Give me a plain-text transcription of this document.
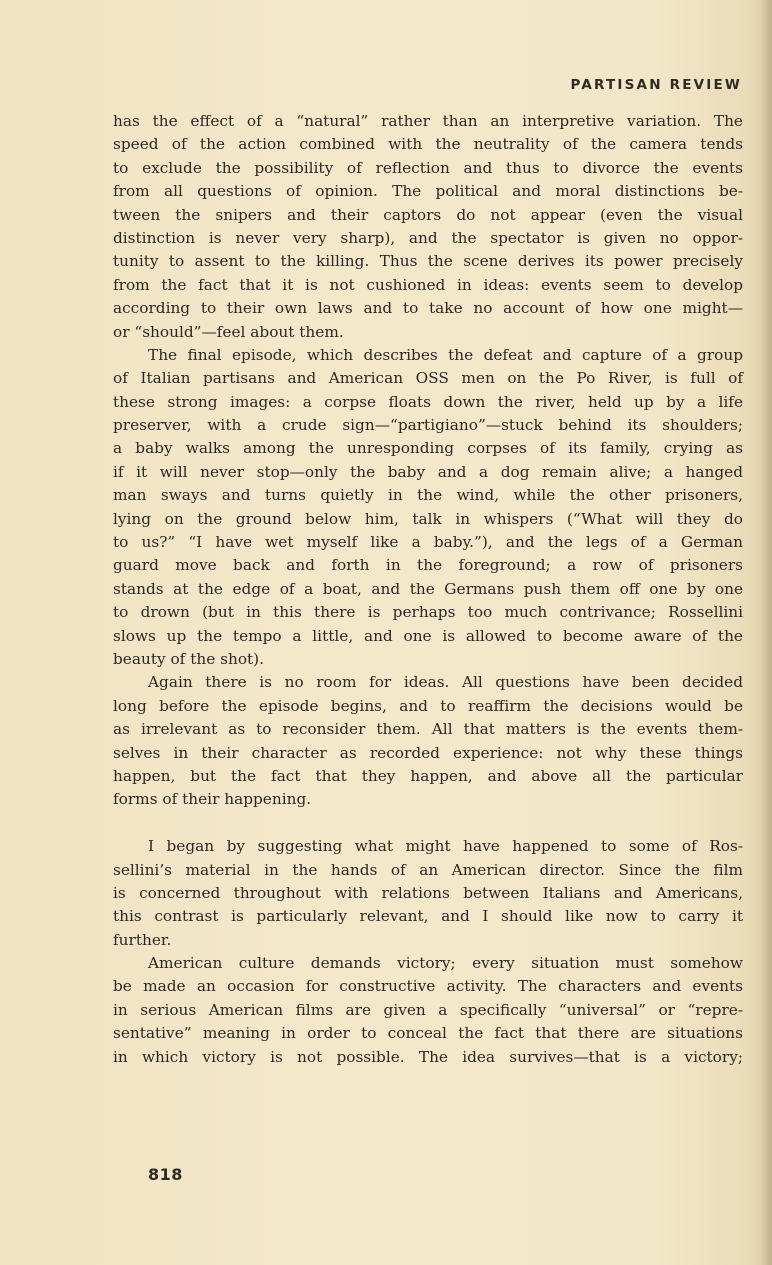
PARTISAN REVIEW
has the effect of a “natural” rather than an interpretive variation. The
speed of the action combined with the neutrality of the camera tends
to exclude the possibility of reflection and thus to divorce the events
from all questions of opinion. The political and moral distinctions be-
tween the snipers and their captors do not appear (even the visual
distinction is never very sharp), and the spectator is given no oppor-
tunity to assent to the killing. Thus the scene derives its power precisely
from the fact that it is not cushioned in ideas: events seem to develop
according to their own laws and to take no account of how one might—
or “should”—feel about them.
The final episode, which describes the defeat and capture of a group
of Italian partisans and American OSS men on the Po River, is full of
these strong images: a corpse floats down the river, held up by a life
preserver, with a crude sign—“partigiano”—stuck behind its shoulders;
a baby walks among the unresponding corpses of its family, crying as
if it will never stop—only the baby and a dog remain alive; a hanged
man sways and turns quietly in the wind, while the other prisoners,
lying on the ground below him, talk in whispers (“What will they do
to us?” “I have wet myself like a baby.”), and the legs of a German
guard move back and forth in the foreground; a row of prisoners
stands at the edge of a boat, and the Germans push them off one by one
to drown (but in this there is perhaps too much contrivance; Rossellini
slows up the tempo a little, and one is allowed to become aware of the
beauty of the shot).
Again there is no room for ideas. All questions have been decided
long before the episode begins, and to reaffirm the decisions would be
as irrelevant as to reconsider them. All that matters is the events them-
selves in their character as recorded experience: not why these things
happen, but the fact that they happen, and above all the particular
forms of their happening.
I began by suggesting what might have happened to some of Ros-
sellini’s material in the hands of an American director. Since the film
is concerned throughout with relations between Italians and Americans,
this contrast is particularly relevant, and I should like now to carry it
further.
American culture demands victory; every situation must somehow
be made an occasion for constructive activity. The characters and events
in serious American films are given a specifically “universal” or “repre-
sentative” meaning in order to conceal the fact that there are situations
in which victory is not possible. The idea survives—that is a victory;
818
